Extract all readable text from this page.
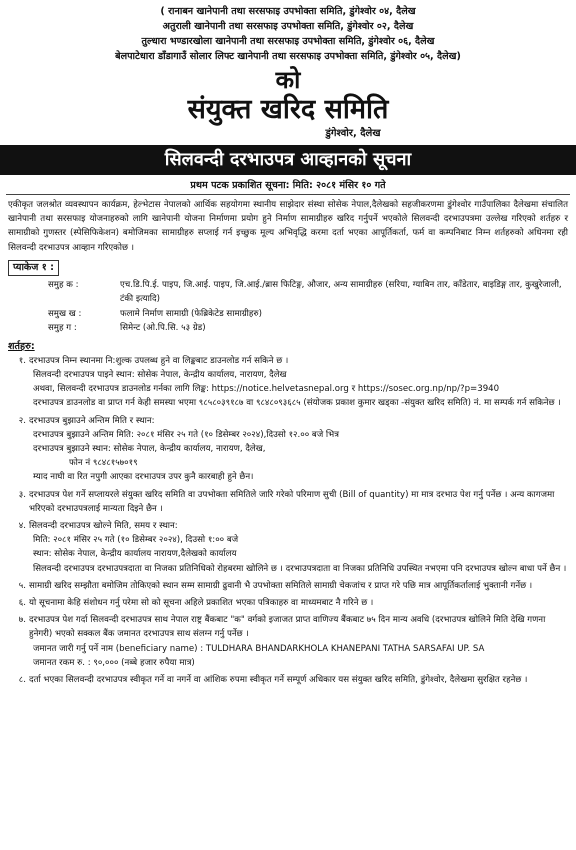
( रानाबन खानेपानी तथा सरसफाइ उपभोक्ता समिति, डुंगेश्वोर ०४, दैलेख
अतुराली खानेपानी तथा सरसफाइ उपभोक्ता समिति, डुंगेश्वोर ०२, दैलेख
तुल्धारा भण्डारखोला खानेपानी तथा सरसफाइ उपभोक्ता समिति, डुंगेश्वोर ०६, दैलेख
बेलपाटेधारा डाँडागाउँ सोलार लिफ्ट खानेपानी तथा सरसफाइ उपभोक्ता समिति, डुंगेश्वोर ०५, दैलेख)
को
संयुक्त खरिद समिति
डुंगेश्वोर, दैलेख
सिलवन्दी दरभाउपत्र आव्हानको सूचना
प्रथम पटक प्रकाशित सूचना: मिति: २०८१ मंसिर १० गते

एकीकृत जलश्रोत व्यवस्थापन कार्यक्रम, हेल्भेटास नेपालको आर्थिक सहयोगमा स्थानीय साझेदार संस्था सोसेक नेपाल,दैलेखको सहजीकरणमा डुंगेश्वोर गाउँपालिका दैलेखमा संचालित खानेपानी तथा सरसफाइ योजनाहरुको लागि खानेपानी योजना निर्माणमा प्रयोग हुने निर्माण सामाग्रीहरु खरिद गर्नुपर्ने भएकोले सिलवन्दी दरभाउपत्रमा उल्लेख गरिएको शर्तहरु र सामाग्रीको गुणस्तर (स्पेसिफिकेशन) बमोजिमका सामाग्रीहरु सप्लाई गर्न इच्छुक मूल्य अभिवृद्धि करमा दर्ता भएका आपूर्तिकर्ता, फर्म वा कम्पनिबाट निम्न शर्तहरुको अधिनमा रही सिलवन्दी दरभाउपत्र आव्हान गरिएकोछ ।

प्याकेज १ :
समुह क :	एच.डि.पि.ई. पाइप, जि.आई. पाइप, जि.आई./ब्रास फिटिङ्ग, औजार, अन्य सामाग्रीहरु (सरिया, ग्याबिन तार, काँडेतार, बाइडिङ्ग तार, कुखुरेजाली, टंकी इत्यादि)
समुख ख :	फलामे निर्माण सामाग्री (फेब्रिकेटेड सामाग्रीहरु)
समुह ग :	सिमेन्ट (ओ.पि.सि. ५३ ग्रेड)
शर्तहरु:
१. दरभाउपत्र निम्न स्थानमा नि:शुल्क उपलब्ध हुने वा लिङ्कबाट डाउनलोड गर्न सकिने छ ।

सिलवन्दी दरभाउपत्र पाइने स्थान: सोसेक नेपाल, केन्द्रीय कार्यालय, नारायण, दैलेख

अथवा, सिलवन्दी दरभाउपत्र डाउनलोड गर्नका लागि लिङ्क: https://notice.helvetasnepal.org र https://sosec.org.np/np/?p=3940

दरभाउपत्र डाउनलोड वा प्राप्त गर्न केही समस्या भएमा ९८५८०३९१८७ वा ९८४८०९३६८५ (संयोजक प्रकाश कुमार खड्का -संयुक्त खरिद समिति) नं. मा सम्पर्क गर्न सकिनेछ ।

२. दरभाउपत्र बुझाउने अन्तिम मिति र स्थान:

दरभाउपत्र बुझाउने अन्तिम मिति: २०८१ मंसिर २५ गते (१० डिसेम्बर २०२४),दिउसो १२.०० बजे भित्र

दरभाउपत्र बुझाउने स्थान: सोसेक नेपाल, केन्द्रीय कार्यालय, नारायण, दैलेख,

फोन नं ९८४८१५७०१९

म्याद नाघी वा रित नपुगी आएका दरभाउपत्र उपर कुनै कारबाही हुने छैन।

३. दरभाउपत्र पेश गर्ने सप्लायरले संयुक्त खरिद समिति वा उपभोक्ता समितिले जारि गरेको परिमाण सुची (Bill of quantity) मा मात्र दरभाउ पेश गर्नु पर्नेछ । अन्य कागजमा भरिएको दरभाउपत्रलाई मान्यता दिइने छैन ।

४. सिलवन्दी दरभाउपत्र खोल्ने मिति, समय र स्थान:

मिति: २०८१ मंसिर २५ गते (१० डिसेम्बर २०२४), दिउसो १:०० बजे

स्थान: सोसेक नेपाल, केन्द्रीय कार्यालय नारायण,दैलेखको कार्यालय

सिलवन्दी दरभाउपत्र दरभाउपत्रदाता वा निजका प्रतिनिधिको रोहबरमा खोलिने छ । दरभाउपत्रदाता वा निजका प्रतिनिधि उपस्थित नभएमा पनि दरभाउपत्र खोल्न बाधा पर्ने छैन ।

५. सामाग्री खरिद सम्झौता बमोजिम तोकिएको स्थान सम्म सामाग्री ढुवानी भै उपभोक्ता समितिले सामाग्री चेकजांच र प्राप्त गरे पछि मात्र आपूर्तिकर्तालाई भुक्तानी गर्नेछ ।

६. यो सूचनामा केहि संशोधन गर्नु परेमा सो को सूचना अहिले प्रकाशित भएका पत्रिकाहरु वा माध्यमबाट नै गरिने छ ।

७. दरभाउपत्र पेश गर्दा सिलवन्दी दरभाउपत्र साथ नेपाल राष्ट्र बैंकबाट "क" वर्गको इजाजत प्राप्त वाणिज्य बैंकबाट ७५ दिन मान्य अवधि (दरभाउपत्र खोलिने मिति देखि गणना हुनेगरी) भएको सक्कल बैंक जमानत दरभाउपत्र साथ संलग्न गर्नु पर्नेछ ।

जमानत जारी गर्नु पर्ने नाम (beneficiary name) : TULDHARA BHANDARKHOLA KHANEPANI TATHA SARSAFAI UP. SA

जमानत रकम रु. : ९०,००० (नब्बे हजार रुपैया मात्र)

८. दर्ता भएका सिलवन्दी दरभाउपत्र स्वीकृत गर्ने वा नगर्ने वा आंशिक रुपमा स्वीकृत गर्ने सम्पूर्ण अधिकार यस संयुक्त खरिद समिति, डुंगेश्वोर, दैलेखमा सुरक्षित रहनेछ ।
